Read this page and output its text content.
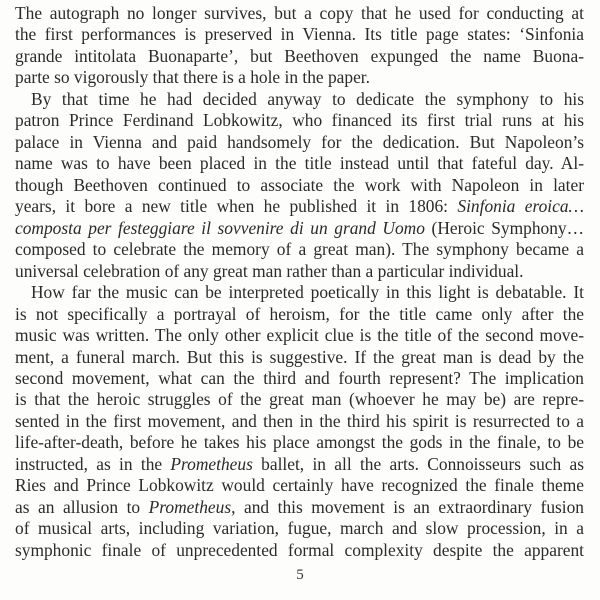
The autograph no longer survives, but a copy that he used for conducting at
the first performances is preserved in Vienna. Its title page states: ‘Sinfonia
grande intitolata Buonaparte’, but Beethoven expunged the name Buona-
parte so vigorously that there is a hole in the paper.
By that time he had decided anyway to dedicate the symphony to his
patron Prince Ferdinand Lobkowitz, who financed its first trial runs at his
palace in Vienna and paid handsomely for the dedication. But Napoleon’s
name was to have been placed in the title instead until that fateful day. Al-
though Beethoven continued to associate the work with Napoleon in later
years, it bore a new title when he published it in 1806: Sinfonia eroica…
composta per festeggiare il sovvenire di un grand Uomo (Heroic Symphony…
composed to celebrate the memory of a great man). The symphony became a
universal celebration of any great man rather than a particular individual.
How far the music can be interpreted poetically in this light is debatable. It
is not specifically a portrayal of heroism, for the title came only after the
music was written. The only other explicit clue is the title of the second move-
ment, a funeral march. But this is suggestive. If the great man is dead by the
second movement, what can the third and fourth represent? The implication
is that the heroic struggles of the great man (whoever he may be) are repre-
sented in the first movement, and then in the third his spirit is resurrected to a
life-after-death, before he takes his place amongst the gods in the finale, to be
instructed, as in the Prometheus ballet, in all the arts. Connoisseurs such as
Ries and Prince Lobkowitz would certainly have recognized the finale theme
as an allusion to Prometheus, and this movement is an extraordinary fusion
of musical arts, including variation, fugue, march and slow procession, in a
symphonic finale of unprecedented formal complexity despite the apparent
5
